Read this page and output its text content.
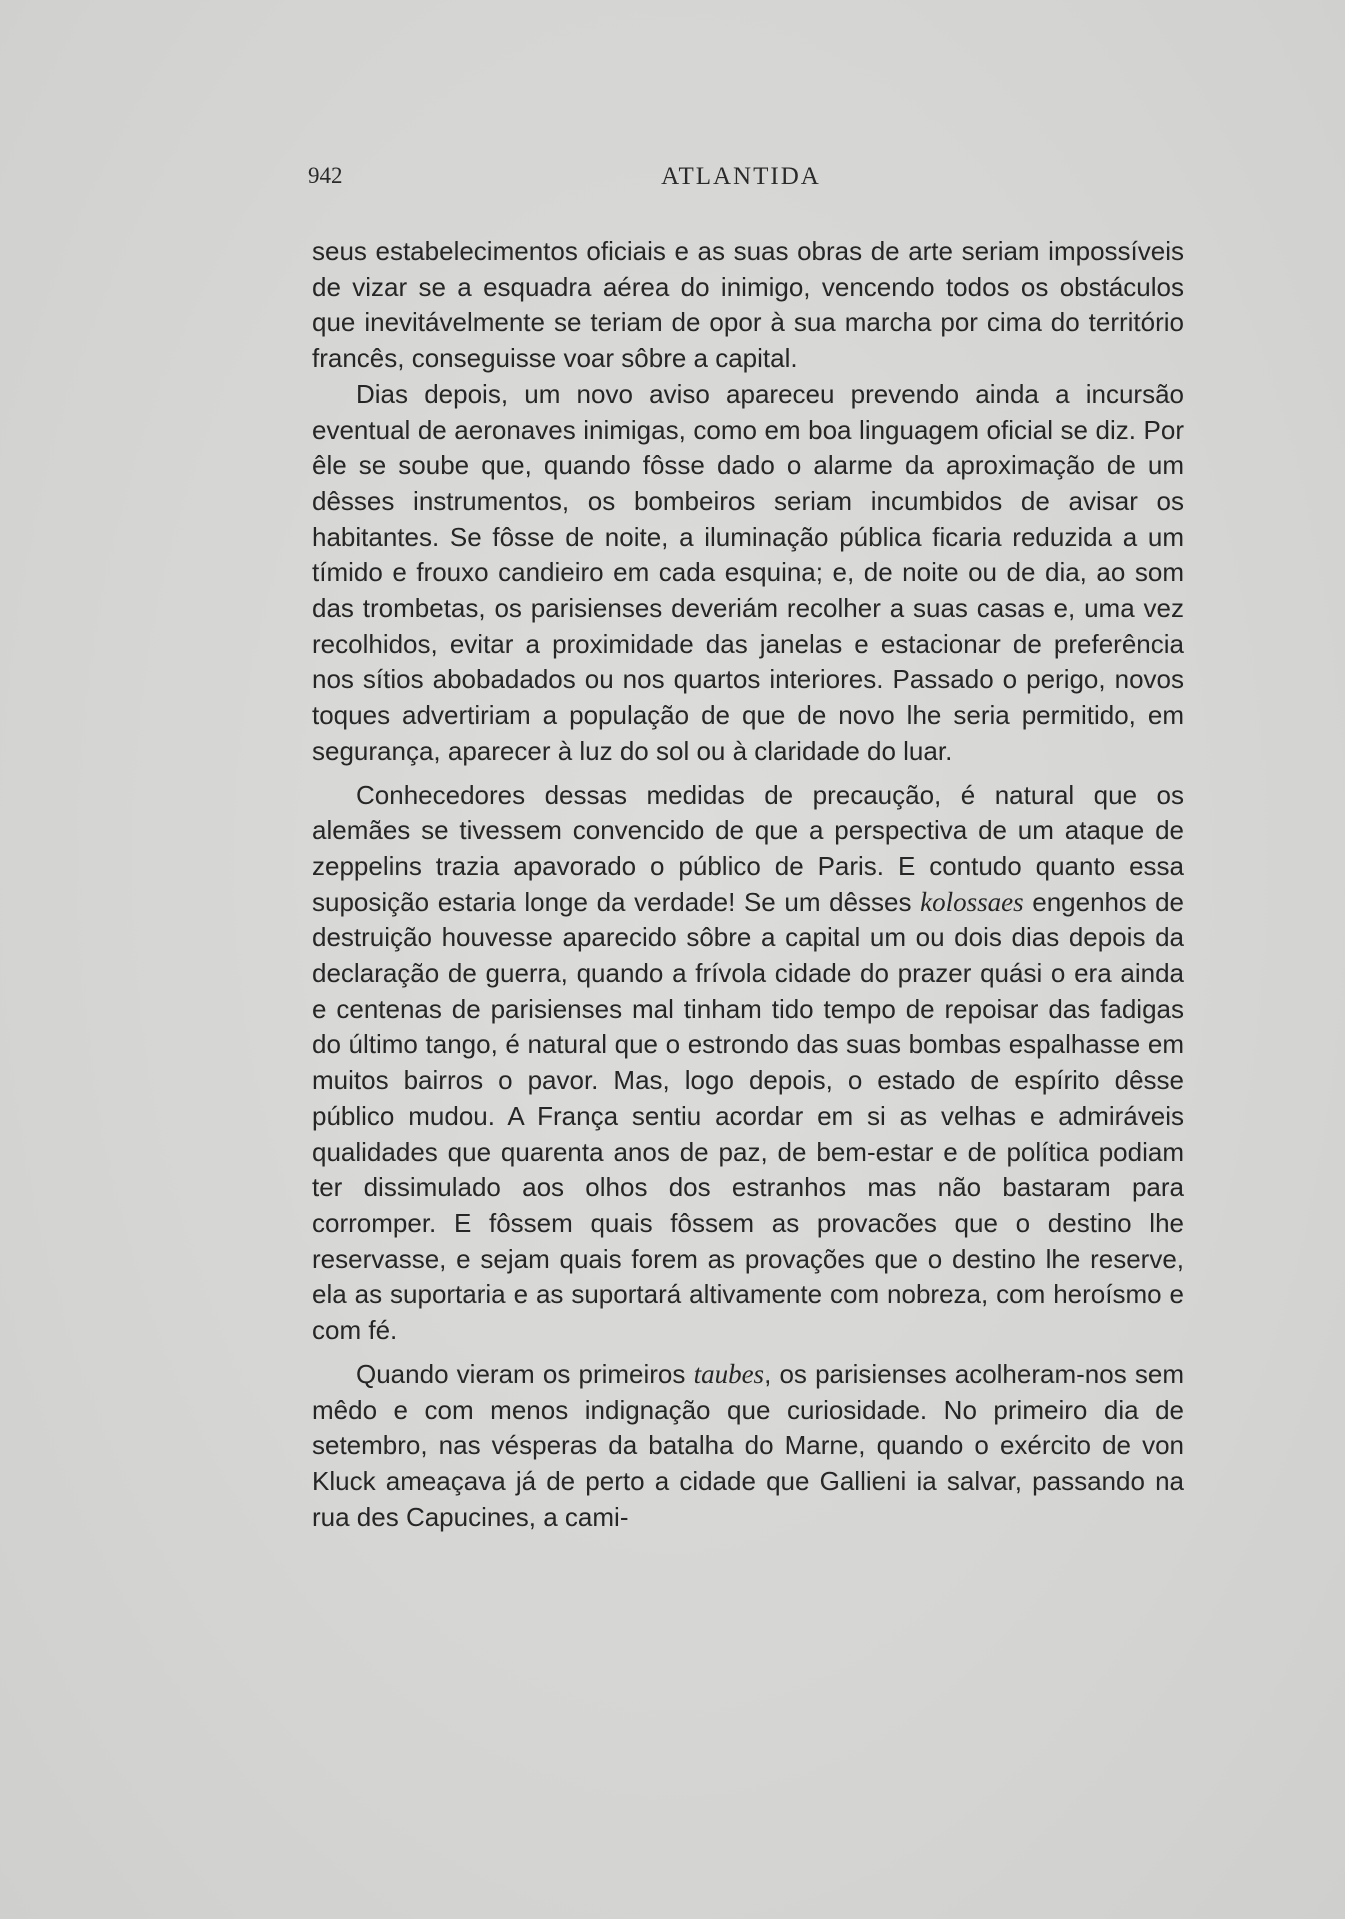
942	ATLANTIDA

seus estabelecimentos oficiais e as suas obras de arte seriam impossíveis de vizar se a esquadra aérea do inimigo, vencendo todos os obstáculos que inevitávelmente se teriam de opor à sua marcha por cima do território francês, conseguisse voar sôbre a capital.

Dias depois, um novo aviso apareceu prevendo ainda a incursão eventual de aeronaves inimigas, como em boa linguagem oficial se diz. Por êle se soube que, quando fôsse dado o alarme da aproximação de um dêsses instrumentos, os bombeiros seriam incumbidos de avisar os habitantes. Se fôsse de noite, a iluminação pública ficaria reduzida a um tímido e frouxo candieiro em cada esquina; e, de noite ou de dia, ao som das trombetas, os parisienses deveriám recolher a suas casas e, uma vez recolhidos, evitar a proximidade das janelas e estacionar de preferência nos sítios abobadados ou nos quartos interiores. Passado o perigo, novos toques advertiriam a população de que de novo lhe seria permitido, em segurança, aparecer à luz do sol ou à claridade do luar.

Conhecedores dessas medidas de precaução, é natural que os alemães se tivessem convencido de que a perspectiva de um ataque de zeppelins trazia apavorado o público de Paris. E contudo quanto essa suposição estaria longe da verdade! Se um dêsses kolossaes engenhos de destruição houvesse aparecido sôbre a capital um ou dois dias depois da declaração de guerra, quando a frívola cidade do prazer quási o era ainda e centenas de parisienses mal tinham tido tempo de repoisar das fadigas do último tango, é natural que o estrondo das suas bombas espalhasse em muitos bairros o pavor. Mas, logo depois, o estado de espírito dêsse público mudou. A França sentiu acordar em si as velhas e admiráveis qualidades que quarenta anos de paz, de bem-estar e de política podiam ter dissimulado aos olhos dos estranhos mas não bastaram para corromper. E fôssem quais fôssem as provacões que o destino lhe reservasse, e sejam quais forem as provações que o destino lhe reserve, ela as suportaria e as suportará altivamente com nobreza, com heroísmo e com fé.

Quando vieram os primeiros taubes, os parisienses acolheram-nos sem mêdo e com menos indignação que curiosidade. No primeiro dia de setembro, nas vésperas da batalha do Marne, quando o exército de von Kluck ameaçava já de perto a cidade que Gallieni ia salvar, passando na rua des Capucines, a cami-
